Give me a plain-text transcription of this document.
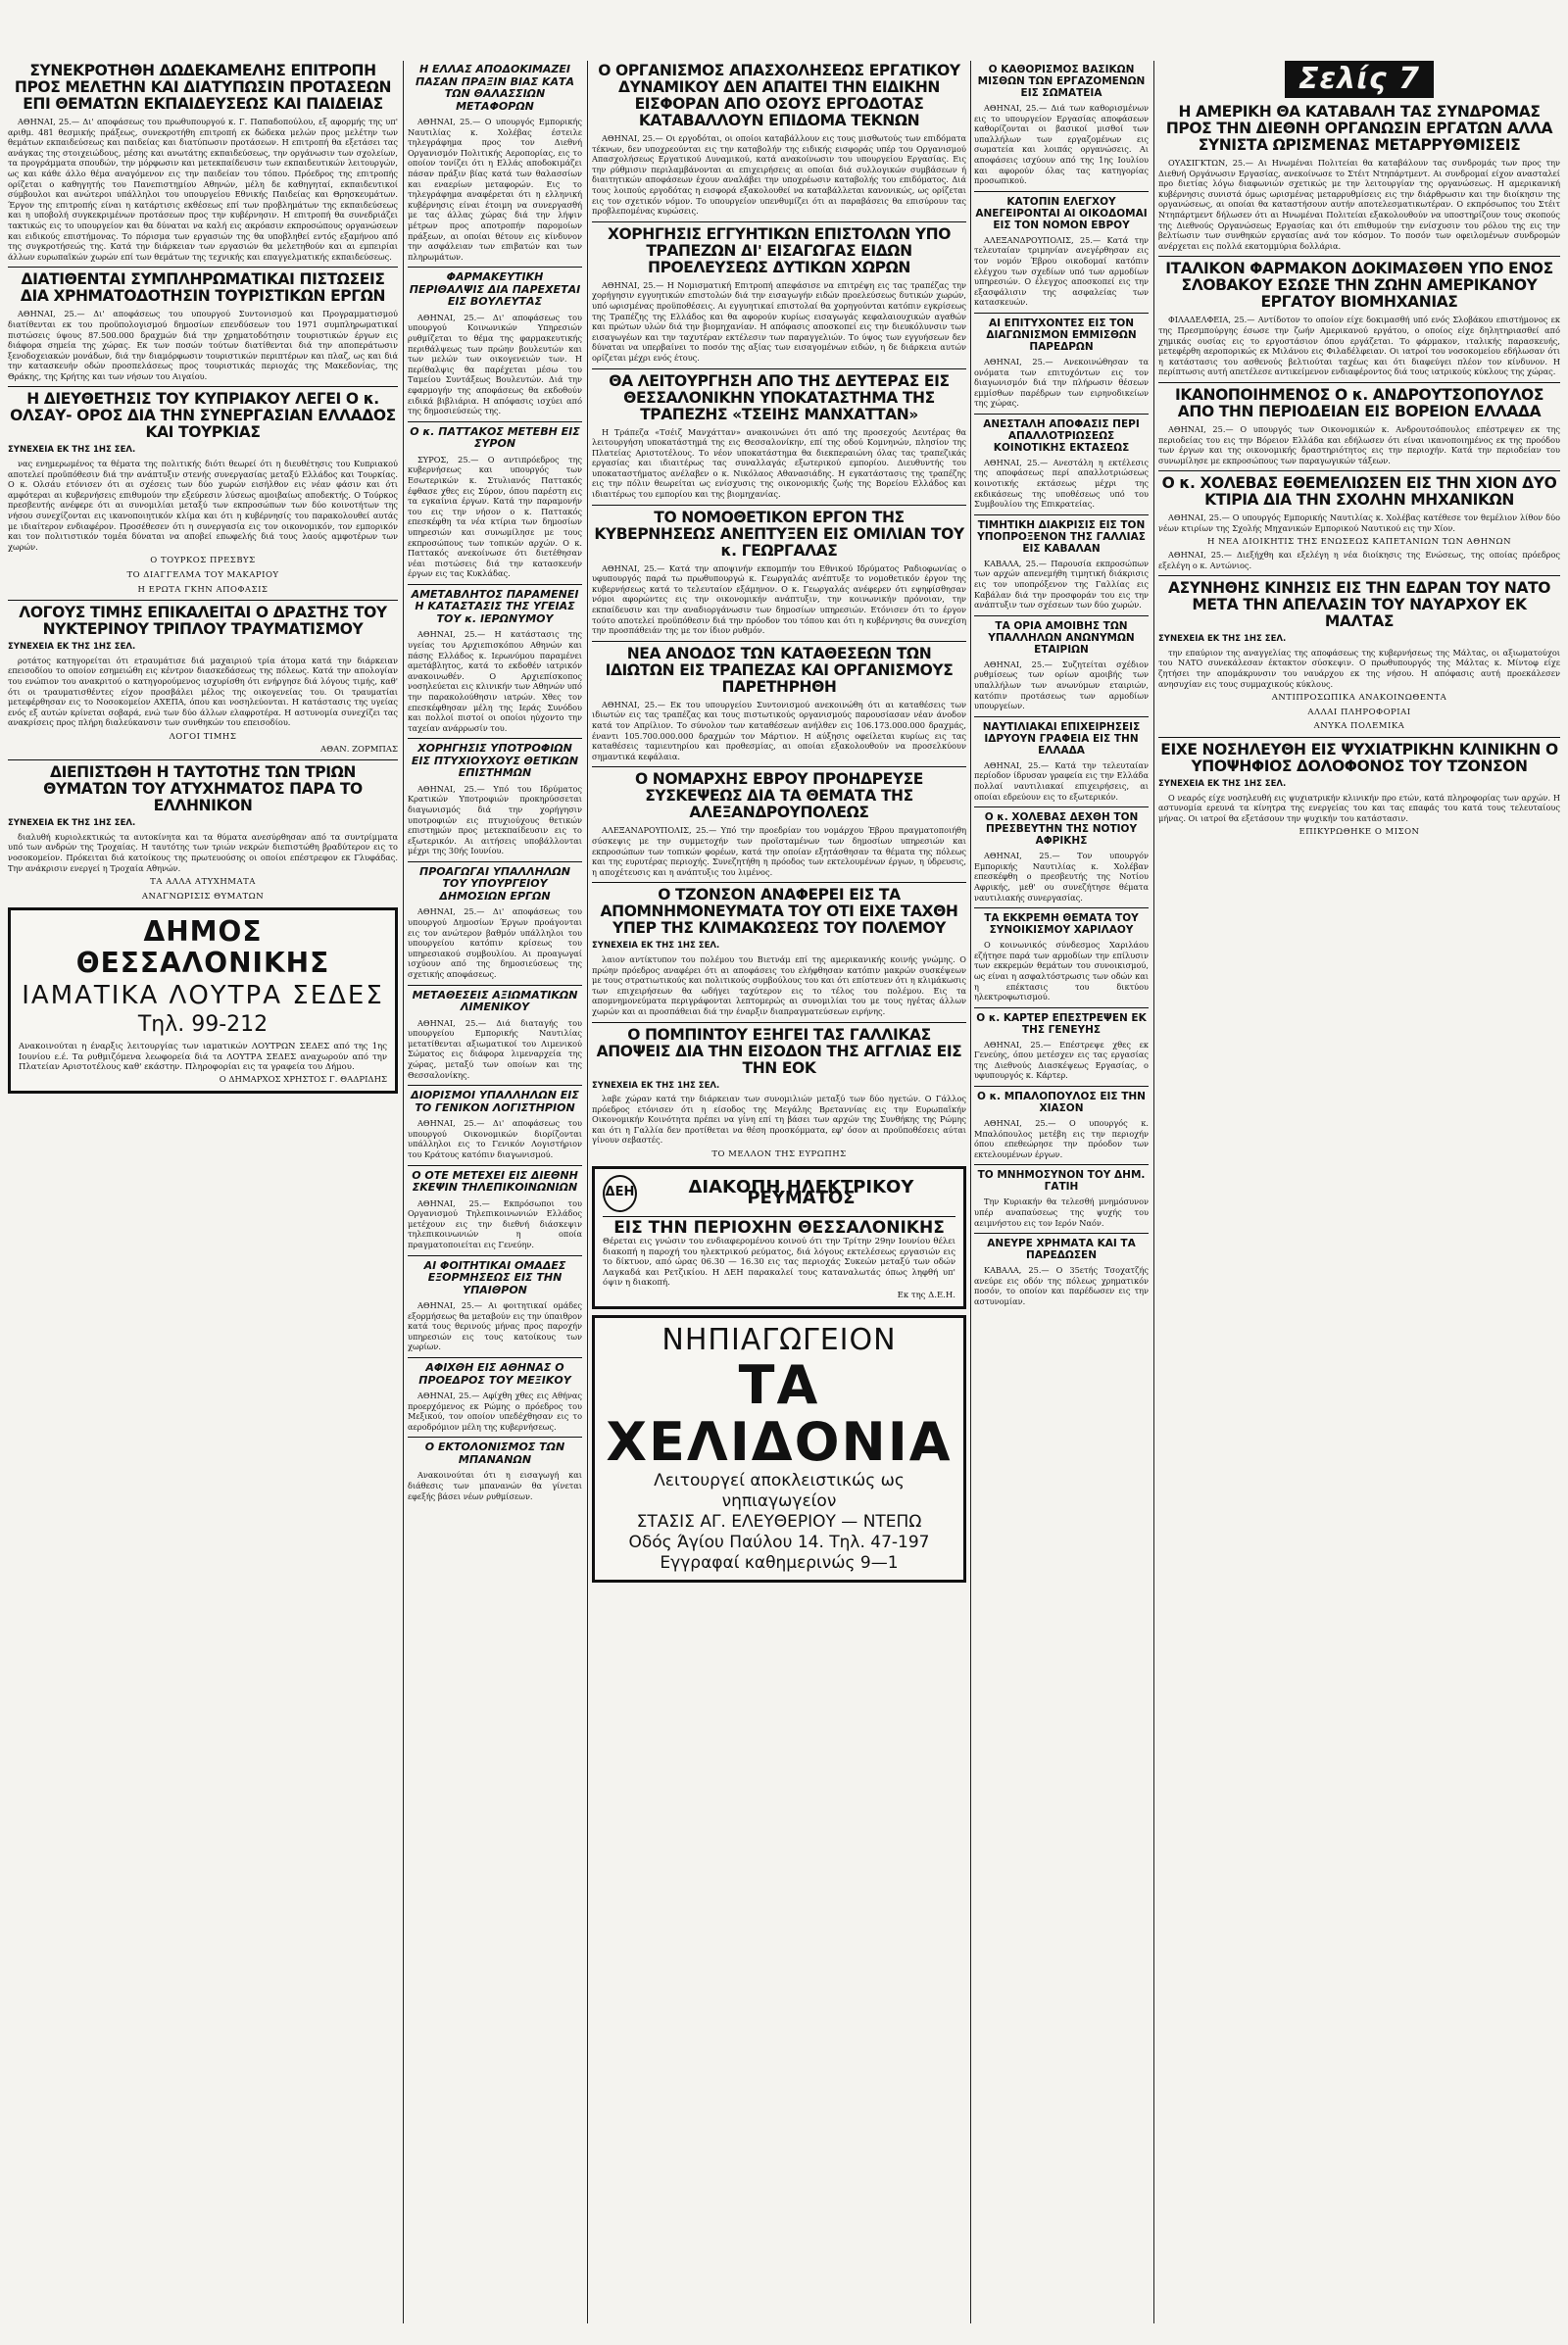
ΣΥΝΕΚΡΟΤΗΘΗ ΔΩΔΕΚΑΜΕΛΗΣ ΕΠΙΤΡΟΠΗ ΠΡΟΣ ΜΕΛΕΤΗΝ ΚΑΙ ΔΙΑΤΥΠΩΣΙΝ ΠΡΟΤΑΣΕΩΝ ΕΠΙ ΘΕΜΑΤΩΝ ΕΚΠΑΙΔΕΥΣΕΩΣ ΚΑΙ ΠΑΙΔΕΙΑΣ

ΑΘΗΝΑΙ, 25.— Δι' αποφάσεως του πρωθυπουργού κ. Γ. Παπαδοπούλου, εξ αφορμής της υπ' αριθμ. 481 θεσμικής πράξεως, συνεκροτήθη επιτροπή εκ δώδεκα μελών προς μελέτην των θεμάτων εκπαιδεύσεως και παιδείας και διατύπωσιν προτάσεων. Η επιτροπή θα εξετάσει τας ανάγκας της στοιχειώδους, μέσης και ανωτάτης εκπαιδεύσεως, την οργάνωσιν των σχολείων, τα προγράμματα σπουδών, την μόρφωσιν και μετεκπαίδευσιν των εκπαιδευτικών λειτουργών, ως και κάθε άλλο θέμα αναγόμενον εις την παιδείαν του τόπου. Πρόεδρος της επιτροπής ορίζεται ο καθηγητής του Πανεπιστημίου Αθηνών, μέλη δε καθηγηταί, εκπαιδευτικοί σύμβουλοι και ανώτεροι υπάλληλοι του υπουργείου Εθνικής Παιδείας και Θρησκευμάτων. Έργον της επιτροπής είναι η κατάρτισις εκθέσεως επί των προβλημάτων της εκπαιδεύσεως και η υποβολή συγκεκριμένων προτάσεων προς την κυβέρνησιν. Η επιτροπή θα συνεδριάζει τακτικώς εις το υπουργείον και θα δύναται να καλή εις ακρόασιν εκπροσώπους οργανώσεων και ειδικούς επιστήμονας. Το πόρισμα των εργασιών της θα υποβληθεί εντός εξαμήνου από της συγκροτήσεώς της. Κατά την διάρκειαν των εργασιών θα μελετηθούν και αι εμπειρίαι άλλων ευρωπαϊκών χωρών επί των θεμάτων της τεχνικής και επαγγελματικής εκπαιδεύσεως.

ΔΙΑΤΙΘΕΝΤΑΙ ΣΥΜΠΛΗΡΩΜΑΤΙΚΑΙ ΠΙΣΤΩΣΕΙΣ ΔΙΑ ΧΡΗΜΑΤΟΔΟΤΗΣΙΝ ΤΟΥΡΙΣΤΙΚΩΝ ΕΡΓΩΝ

ΑΘΗΝΑΙ, 25.— Δι' αποφάσεως του υπουργού Συντονισμού και Προγραμματισμού διατίθενται εκ του προϋπολογισμού δημοσίων επενδύσεων του 1971 συμπληρωματικαί πιστώσεις ύψους 87.500.000 δραχμών διά την χρηματοδότησιν τουριστικών έργων εις διάφορα σημεία της χώρας. Εκ των ποσών τούτων διατίθενται διά την αποπεράτωσιν ξενοδοχειακών μονάδων, διά την διαμόρφωσιν τουριστικών περιπτέρων και πλαζ, ως και διά την κατασκευήν οδών προσπελάσεως προς τουριστικάς περιοχάς της Μακεδονίας, της Θράκης, της Κρήτης και των νήσων του Αιγαίου.

Η ΔΙΕΥΘΕΤΗΣΙΣ ΤΟΥ ΚΥΠΡΙΑΚΟΥ ΛΕΓΕΙ Ο κ. ΟΛΣΑΥ- ΟΡΟΣ ΔΙΑ ΤΗΝ ΣΥΝΕΡΓΑΣΙΑΝ ΕΛΛΑΔΟΣ ΚΑΙ ΤΟΥΡΚΙΑΣ
ΣΥΝΕΧΕΙΑ ΕΚ ΤΗΣ 1ΗΣ ΣΕΛ.

νας ενημερωμένος τα θέματα της πολιτικής διότι θεωρεί ότι η διευθέτησις του Κυπριακού αποτελεί προϋπόθεσιν διά την ανάπτυξιν στενής συνεργασίας μεταξύ Ελλάδος και Τουρκίας. Ο κ. Ολσάυ ετόνισεν ότι αι σχέσεις των δύο χωρών εισήλθον εις νέαν φάσιν και ότι αμφότεραι αι κυβερνήσεις επιθυμούν την εξεύρεσιν λύσεως αμοιβαίως αποδεκτής. Ο Τούρκος πρεσβευτής ανέφερε ότι αι συνομιλίαι μεταξύ των εκπροσώπων των δύο κοινοτήτων της νήσου συνεχίζονται εις ικανοποιητικόν κλίμα και ότι η κυβέρνησίς του παρακολουθεί αυτάς με ιδιαίτερον ενδιαφέρον. Προσέθεσεν ότι η συνεργασία εις τον οικονομικόν, τον εμπορικόν και τον πολιτιστικόν τομέα δύναται να αποβεί επωφελής διά τους λαούς αμφοτέρων των χωρών.

Ο ΤΟΥΡΚΟΣ ΠΡΕΣΒΥΣ
ΤΟ ΔΙΑΓΓΕΛΜΑ ΤΟΥ ΜΑΚΑΡΙΟΥ
Η ΕΡΩΤΑ ΓΚΗΝ ΑΠΟΦΑΣΙΣ
ΛΟΓΟΥΣ ΤΙΜΗΣ ΕΠΙΚΑΛΕΙΤΑΙ Ο ΔΡΑΣΤΗΣ ΤΟΥ ΝΥΚΤΕΡΙΝΟΥ ΤΡΙΠΛΟΥ ΤΡΑΥΜΑΤΙΣΜΟΥ
ΣΥΝΕΧΕΙΑ ΕΚ ΤΗΣ 1ΗΣ ΣΕΛ.

ροτάτος κατηγορείται ότι ετραυμάτισε διά μαχαιριού τρία άτομα κατά την διάρκειαν επεισοδίου το οποίον εσημειώθη εις κέντρον διασκεδάσεως της πόλεως. Κατά την απολογίαν του ενώπιον του ανακριτού ο κατηγορούμενος ισχυρίσθη ότι ενήργησε διά λόγους τιμής, καθ' ότι οι τραυματισθέντες είχον προσβάλει μέλος της οικογενείας του. Οι τραυματίαι μετεφέρθησαν εις το Νοσοκομείον ΑΧΕΠΑ, όπου και νοσηλεύονται. Η κατάστασις της υγείας ενός εξ αυτών κρίνεται σοβαρά, ενώ των δύο άλλων ελαφροτέρα. Η αστυνομία συνεχίζει τας ανακρίσεις προς πλήρη διαλεύκανσιν των συνθηκών του επεισοδίου.

ΛΟΓΟΙ ΤΙΜΗΣ
ΑΘΑΝ. ΖΟΡΜΠΑΣ
ΔΙΕΠΙΣΤΩΘΗ Η ΤΑΥΤΟΤΗΣ ΤΩΝ ΤΡΙΩΝ ΘΥΜΑΤΩΝ ΤΟΥ ΑΤΥΧΗΜΑΤΟΣ ΠΑΡΑ ΤΟ ΕΛΛΗΝΙΚΟΝ
ΣΥΝΕΧΕΙΑ ΕΚ ΤΗΣ 1ΗΣ ΣΕΛ.

διαλυθή κυριολεκτικώς τα αυτοκίνητα και τα θύματα ανεσύρθησαν από τα συντρίμματα υπό των ανδρών της Τροχαίας. Η ταυτότης των τριών νεκρών διεπιστώθη βραδύτερον εις το νοσοκομείον. Πρόκειται διά κατοίκους της πρωτευούσης οι οποίοι επέστρεφον εκ Γλυφάδας. Την ανάκρισιν ενεργεί η Τροχαία Αθηνών.

ΤΑ ΑΛΛΑ ΑΤΥΧΗΜΑΤΑ
ΑΝΑΓΝΩΡΙΣΙΣ ΘΥΜΑΤΩΝ
ΔΗΜΟΣ ΘΕΣΣΑΛΟΝΙΚΗΣ
ΙΑΜΑΤΙΚΑ ΛΟΥΤΡΑ ΣΕΔΕΣ
Τηλ. 99-212
Ανακοινούται η έναρξις λειτουργίας των ιαματικών ΛΟΥΤΡΩΝ ΣΕΔΕΣ από της 1ης Ιουνίου ε.έ. Τα ρυθμιζόμενα λεωφορεία διά τα ΛΟΥΤΡΑ ΣΕΔΕΣ αναχωρούν από την Πλατείαν Αριστοτέλους καθ' εκάστην. Πληροφορίαι εις τα γραφεία του Δήμου.
Ο ΔΗΜΑΡΧΟΣ ΧΡΗΣΤΟΣ Γ. ΘΑΔΡΙΔΗΣ
Η ΕΛΛΑΣ ΑΠΟΔΟΚΙΜΑΖΕΙ ΠΑΣΑΝ ΠΡΑΞΙΝ ΒΙΑΣ ΚΑΤΑ ΤΩΝ ΘΑΛΑΣΣΙΩΝ ΜΕΤΑΦΟΡΩΝ

ΑΘΗΝΑΙ, 25.— Ο υπουργός Εμπορικής Ναυτιλίας κ. Χολέβας έστειλε τηλεγράφημα προς τον Διεθνή Οργανισμόν Πολιτικής Αεροπορίας, εις το οποίον τονίζει ότι η Ελλάς αποδοκιμάζει πάσαν πράξιν βίας κατά των θαλασσίων και εναερίων μεταφορών. Εις το τηλεγράφημα αναφέρεται ότι η ελληνική κυβέρνησις είναι έτοιμη να συνεργασθή με τας άλλας χώρας διά την λήψιν μέτρων προς αποτροπήν παρομοίων πράξεων, αι οποίαι θέτουν εις κίνδυνον την ασφάλειαν των επιβατών και των πληρωμάτων.

ΦΑΡΜΑΚΕΥΤΙΚΗ ΠΕΡΙΘΑΛΨΙΣ ΔΙΑ ΠΑΡΕΧΕΤΑΙ ΕΙΣ ΒΟΥΛΕΥΤΑΣ

ΑΘΗΝΑΙ, 25.— Δι' αποφάσεως του υπουργού Κοινωνικών Υπηρεσιών ρυθμίζεται το θέμα της φαρμακευτικής περιθάλψεως των πρώην βουλευτών και των μελών των οικογενειών των. Η περίθαλψις θα παρέχεται μέσω του Ταμείου Συντάξεως Βουλευτών. Διά την εφαρμογήν της αποφάσεως θα εκδοθούν ειδικά βιβλιάρια. Η απόφασις ισχύει από της δημοσιεύσεώς της.

Ο κ. ΠΑΤΤΑΚΟΣ ΜΕΤΕΒΗ ΕΙΣ ΣΥΡΟΝ

ΣΥΡΟΣ, 25.— Ο αντιπρόεδρος της κυβερνήσεως και υπουργός των Εσωτερικών κ. Στυλιανός Παττακός έφθασε χθες εις Σύρον, όπου παρέστη εις τα εγκαίνια έργων. Κατά την παραμονήν του εις την νήσον ο κ. Παττακός επεσκέφθη τα νέα κτίρια των δημοσίων υπηρεσιών και συνωμίλησε με τους εκπροσώπους των τοπικών αρχών. Ο κ. Παττακός ανεκοίνωσε ότι διετέθησαν νέαι πιστώσεις διά την κατασκευήν έργων εις τας Κυκλάδας.

ΑΜΕΤΑΒΛΗΤΟΣ ΠΑΡΑΜΕΝΕΙ Η ΚΑΤΑΣΤΑΣΙΣ ΤΗΣ ΥΓΕΙΑΣ ΤΟΥ κ. ΙΕΡΩΝΥΜΟΥ

ΑΘΗΝΑΙ, 25.— Η κατάστασις της υγείας του Αρχιεπισκόπου Αθηνών και πάσης Ελλάδος κ. Ιερωνύμου παραμένει αμετάβλητος, κατά το εκδοθέν ιατρικόν ανακοινωθέν. Ο Αρχιεπίσκοπος νοσηλεύεται εις κλινικήν των Αθηνών υπό την παρακολούθησιν ιατρών. Χθες τον επεσκέφθησαν μέλη της Ιεράς Συνόδου και πολλοί πιστοί οι οποίοι ηύχοντο την ταχείαν ανάρρωσίν του.

ΧΟΡΗΓΗΣΙΣ ΥΠΟΤΡΟΦΙΩΝ ΕΙΣ ΠΤΥΧΙΟΥΧΟΥΣ ΘΕΤΙΚΩΝ ΕΠΙΣΤΗΜΩΝ

ΑΘΗΝΑΙ, 25.— Υπό του Ιδρύματος Κρατικών Υποτροφιών προκηρύσσεται διαγωνισμός διά την χορήγησιν υποτροφιών εις πτυχιούχους θετικών επιστημών προς μετεκπαίδευσιν εις το εξωτερικόν. Αι αιτήσεις υποβάλλονται μέχρι της 30ής Ιουνίου.

ΠΡΟΑΓΩΓΑΙ ΥΠΑΛΛΗΛΩΝ ΤΟΥ ΥΠΟΥΡΓΕΙΟΥ ΔΗΜΟΣΙΩΝ ΕΡΓΩΝ

ΑΘΗΝΑΙ, 25.— Δι' αποφάσεως του υπουργού Δημοσίων Έργων προάγονται εις τον ανώτερον βαθμόν υπάλληλοι του υπουργείου κατόπιν κρίσεως του υπηρεσιακού συμβουλίου. Αι προαγωγαί ισχύουν από της δημοσιεύσεως της σχετικής αποφάσεως.

ΜΕΤΑΘΕΣΕΙΣ ΑΞΙΩΜΑΤΙΚΩΝ ΛΙΜΕΝΙΚΟΥ

ΑΘΗΝΑΙ, 25.— Διά διαταγής του υπουργείου Εμπορικής Ναυτιλίας μετατίθενται αξιωματικοί του Λιμενικού Σώματος εις διάφορα λιμεναρχεία της χώρας, μεταξύ των οποίων και της Θεσσαλονίκης.

ΔΙΟΡΙΣΜΟΙ ΥΠΑΛΛΗΛΩΝ ΕΙΣ ΤΟ ΓΕΝΙΚΟΝ ΛΟΓΙΣΤΗΡΙΟΝ

ΑΘΗΝΑΙ, 25.— Δι' αποφάσεως του υπουργού Οικονομικών διορίζονται υπάλληλοι εις το Γενικόν Λογιστήριον του Κράτους κατόπιν διαγωνισμού.

Ο ΟΤΕ ΜΕΤΕΧΕΙ ΕΙΣ ΔΙΕΘΝΗ ΣΚΕΨΙΝ ΤΗΛΕΠΙΚΟΙΝΩΝΙΩΝ

ΑΘΗΝΑΙ, 25.— Εκπρόσωποι του Οργανισμού Τηλεπικοινωνιών Ελλάδος μετέχουν εις την διεθνή διάσκεψιν τηλεπικοινωνιών η οποία πραγματοποιείται εις Γενεύην.

ΑΙ ΦΟΙΤΗΤΙΚΑΙ ΟΜΑΔΕΣ ΕΞΟΡΜΗΣΕΩΣ ΕΙΣ ΤΗΝ ΥΠΑΙΘΡΟΝ

ΑΘΗΝΑΙ, 25.— Αι φοιτητικαί ομάδες εξορμήσεως θα μεταβούν εις την ύπαιθρον κατά τους θερινούς μήνας προς παροχήν υπηρεσιών εις τους κατοίκους των χωρίων.

ΑΦΙΧΘΗ ΕΙΣ ΑΘΗΝΑΣ Ο ΠΡΟΕΔΡΟΣ ΤΟΥ ΜΕΞΙΚΟΥ

ΑΘΗΝΑΙ, 25.— Αφίχθη χθες εις Αθήνας προερχόμενος εκ Ρώμης ο πρόεδρος του Μεξικού, τον οποίον υπεδέχθησαν εις το αεροδρόμιον μέλη της κυβερνήσεως.

Ο ΕΚΤΟΛΟΝΙΣΜΟΣ ΤΩΝ ΜΠΑΝΑΝΩΝ

Ανακοινούται ότι η εισαγωγή και διάθεσις των μπανανών θα γίνεται εφεξής βάσει νέων ρυθμίσεων.

Ο ΟΡΓΑΝΙΣΜΟΣ ΑΠΑΣΧΟΛΗΣΕΩΣ ΕΡΓΑΤΙΚΟΥ ΔΥΝΑΜΙΚΟΥ ΔΕΝ ΑΠΑΙΤΕΙ ΤΗΝ ΕΙΔΙΚΗΝ ΕΙΣΦΟΡΑΝ ΑΠΟ ΟΣΟΥΣ ΕΡΓΟΔΟΤΑΣ ΚΑΤΑΒΑΛΛΟΥΝ ΕΠΙΔΟΜΑ ΤΕΚΝΩΝ

ΑΘΗΝΑΙ, 25.— Οι εργοδόται, οι οποίοι καταβάλλουν εις τους μισθωτούς των επιδόματα τέκνων, δεν υποχρεούνται εις την καταβολήν της ειδικής εισφοράς υπέρ του Οργανισμού Απασχολήσεως Εργατικού Δυναμικού, κατά ανακοίνωσιν του υπουργείου Εργασίας. Εις την ρύθμισιν περιλαμβάνονται αι επιχειρήσεις αι οποίαι διά συλλογικών συμβάσεων ή διαιτητικών αποφάσεων έχουν αναλάβει την υποχρέωσιν καταβολής του επιδόματος. Διά τους λοιπούς εργοδότας η εισφορά εξακολουθεί να καταβάλλεται κανονικώς, ως ορίζεται εις τον σχετικόν νόμον. Το υπουργείον υπενθυμίζει ότι αι παραβάσεις θα επισύρουν τας προβλεπομένας κυρώσεις.

ΧΟΡΗΓΗΣΙΣ ΕΓΓΥΗΤΙΚΩΝ ΕΠΙΣΤΟΛΩΝ ΥΠΟ ΤΡΑΠΕΖΩΝ ΔΙ' ΕΙΣΑΓΩΓΑΣ ΕΙΔΩΝ ΠΡΟΕΛΕΥΣΕΩΣ ΔΥΤΙΚΩΝ ΧΩΡΩΝ

ΑΘΗΝΑΙ, 25.— Η Νομισματική Επιτροπή απεφάσισε να επιτρέψη εις τας τραπέζας την χορήγησιν εγγυητικών επιστολών διά την εισαγωγήν ειδών προελεύσεως δυτικών χωρών, υπό ωρισμένας προϋποθέσεις. Αι εγγυητικαί επιστολαί θα χορηγούνται κατόπιν εγκρίσεως της Τραπέζης της Ελλάδος και θα αφορούν κυρίως εισαγωγάς κεφαλαιουχικών αγαθών και πρώτων υλών διά την βιομηχανίαν. Η απόφασις αποσκοπεί εις την διευκόλυνσιν των εισαγωγέων και την ταχυτέραν εκτέλεσιν των παραγγελιών. Το ύψος των εγγυήσεων δεν δύναται να υπερβαίνει το ποσόν της αξίας των εισαγομένων ειδών, η δε διάρκεια αυτών ορίζεται μέχρι ενός έτους.

ΘΑ ΛΕΙΤΟΥΡΓΗΣΗ ΑΠΟ ΤΗΣ ΔΕΥΤΕΡΑΣ ΕΙΣ ΘΕΣΣΑΛΟΝΙΚΗΝ ΥΠΟΚΑΤΑΣΤΗΜΑ ΤΗΣ ΤΡΑΠΕΖΗΣ «ΤΣΕΙΗΣ ΜΑΝΧΑΤΤΑΝ»

Η Τράπεζα «Τσέιζ Μανχάτταν» ανακοινώνει ότι από της προσεχούς Δευτέρας θα λειτουργήση υποκατάστημά της εις Θεσσαλονίκην, επί της οδού Κομνηνών, πλησίον της Πλατείας Αριστοτέλους. Το νέον υποκατάστημα θα διεκπεραιώνη όλας τας τραπεζικάς εργασίας και ιδιαιτέρως τας συναλλαγάς εξωτερικού εμπορίου. Διευθυντής του υποκαταστήματος ανέλαβεν ο κ. Νικόλαος Αθανασιάδης. Η εγκατάστασις της τραπέζης εις την πόλιν θεωρείται ως ενίσχυσις της οικονομικής ζωής της Βορείου Ελλάδος και ιδιαιτέρως του εμπορίου και της βιομηχανίας.

ΤΟ ΝΟΜΟΘΕΤΙΚΟΝ ΕΡΓΟΝ ΤΗΣ ΚΥΒΕΡΝΗΣΕΩΣ ΑΝΕΠΤΥΞΕΝ ΕΙΣ ΟΜΙΛΙΑΝ ΤΟΥ κ. ΓΕΩΡΓΑΛΑΣ

ΑΘΗΝΑΙ, 25.— Κατά την αποψινήν εκπομπήν του Εθνικού Ιδρύματος Ραδιοφωνίας ο υφυπουργός παρά τω πρωθυπουργώ κ. Γεωργαλάς ανέπτυξε το νομοθετικόν έργον της κυβερνήσεως κατά το τελευταίον εξάμηνον. Ο κ. Γεωργαλάς ανέφερεν ότι εψηφίσθησαν νόμοι αφορώντες εις την οικονομικήν ανάπτυξιν, την κοινωνικήν πρόνοιαν, την εκπαίδευσιν και την αναδιοργάνωσιν των δημοσίων υπηρεσιών. Ετόνισεν ότι το έργον τούτο αποτελεί προϋπόθεσιν διά την πρόοδον του τόπου και ότι η κυβέρνησις θα συνεχίση την προσπάθειάν της με τον ίδιον ρυθμόν.

ΝΕΑ ΑΝΟΔΟΣ ΤΩΝ ΚΑΤΑΘΕΣΕΩΝ ΤΩΝ ΙΔΙΩΤΩΝ ΕΙΣ ΤΡΑΠΕΖΑΣ ΚΑΙ ΟΡΓΑΝΙΣΜΟΥΣ ΠΑΡΕΤΗΡΗΘΗ

ΑΘΗΝΑΙ, 25.— Εκ του υπουργείου Συντονισμού ανεκοινώθη ότι αι καταθέσεις των ιδιωτών εις τας τραπέζας και τους πιστωτικούς οργανισμούς παρουσίασαν νέαν άνοδον κατά τον Απρίλιον. Το σύνολον των καταθέσεων ανήλθεν εις 106.173.000.000 δραχμάς, έναντι 105.700.000.000 δραχμών τον Μάρτιον. Η αύξησις οφείλεται κυρίως εις τας καταθέσεις ταμιευτηρίου και προθεσμίας, αι οποίαι εξακολουθούν να προσελκύουν σημαντικά κεφάλαια.

Ο ΝΟΜΑΡΧΗΣ ΕΒΡΟΥ ΠΡΟΗΔΡΕΥΣΕ ΣΥΣΚΕΨΕΩΣ ΔΙΑ ΤΑ ΘΕΜΑΤΑ ΤΗΣ ΑΛΕΞΑΝΔΡΟΥΠΟΛΕΩΣ

ΑΛΕΞΑΝΔΡΟΥΠΟΛΙΣ, 25.— Υπό την προεδρίαν του νομάρχου Έβρου πραγματοποιήθη σύσκεψις με την συμμετοχήν των προϊσταμένων των δημοσίων υπηρεσιών και εκπροσώπων των τοπικών φορέων, κατά την οποίαν εξητάσθησαν τα θέματα της πόλεως και της ευρυτέρας περιοχής. Συνεζητήθη η πρόοδος των εκτελουμένων έργων, η ύδρευσις, η αποχέτευσις και η ανάπτυξις του λιμένος.

Ο ΤΖΟΝΣΟΝ ΑΝΑΦΕΡΕΙ ΕΙΣ ΤΑ ΑΠΟΜΝΗΜΟΝΕΥΜΑΤΑ ΤΟΥ ΟΤΙ ΕΙΧΕ ΤΑΧΘΗ ΥΠΕΡ ΤΗΣ ΚΛΙΜΑΚΩΣΕΩΣ ΤΟΥ ΠΟΛΕΜΟΥ
ΣΥΝΕΧΕΙΑ ΕΚ ΤΗΣ 1ΗΣ ΣΕΛ.

λαιον αντίκτυπον του πολέμου του Βιετνάμ επί της αμερικανικής κοινής γνώμης. Ο πρώην πρόεδρος αναφέρει ότι αι αποφάσεις του ελήφθησαν κατόπιν μακρών συσκέψεων με τους στρατιωτικούς και πολιτικούς συμβούλους του και ότι επίστευεν ότι η κλιμάκωσις των επιχειρήσεων θα ωδήγει ταχύτερον εις το τέλος του πολέμου. Εις τα απομνημονεύματα περιγράφονται λεπτομερώς αι συνομιλίαι του με τους ηγέτας άλλων χωρών και αι προσπάθειαι διά την έναρξιν διαπραγματεύσεων ειρήνης.

Ο ΠΟΜΠΙΝΤΟΥ ΕΞΗΓΕΙ ΤΑΣ ΓΑΛΛΙΚΑΣ ΑΠΟΨΕΙΣ ΔΙΑ ΤΗΝ ΕΙΣΟΔΟΝ ΤΗΣ ΑΓΓΛΙΑΣ ΕΙΣ ΤΗΝ ΕΟΚ
ΣΥΝΕΧΕΙΑ ΕΚ ΤΗΣ 1ΗΣ ΣΕΛ.

λαβε χώραν κατά την διάρκειαν των συνομιλιών μεταξύ των δύο ηγετών. Ο Γάλλος πρόεδρος ετόνισεν ότι η είσοδος της Μεγάλης Βρεταννίας εις την Ευρωπαϊκήν Οικονομικήν Κοινότητα πρέπει να γίνη επί τη βάσει των αρχών της Συνθήκης της Ρώμης και ότι η Γαλλία δεν προτίθεται να θέση προσκόμματα, εφ' όσον αι προϋποθέσεις αύται γίνουν σεβαστές.

ΤΟ ΜΕΛΛΟΝ ΤΗΣ ΕΥΡΩΠΗΣ
ΔΕΗ	ΔΙΑΚΟΠΗ ΗΛΕΚΤΡΙΚΟΥ ΡΕΥΜΑΤΟΣ
ΕΙΣ ΤΗΝ ΠΕΡΙΟΧΗΝ ΘΕΣΣΑΛΟΝΙΚΗΣ
Θέρεται εις γνώσιν του ενδιαφερομένου κοινού ότι την Τρίτην 29ην Ιουνίου θέλει διακοπή η παροχή του ηλεκτρικού ρεύματος, διά λόγους εκτελέσεως εργασιών εις το δίκτυον, από ώρας 06.30 — 16.30 εις τας περιοχάς Συκεών μεταξύ των οδών Λαγκαδά και Ρετζικίου. Η ΔΕΗ παρακαλεί τους καταναλωτάς όπως ληφθή υπ' όψιν η διακοπή.
Εκ της Δ.Ε.Η.
ΝΗΠΙΑΓΩΓΕΙΟΝ
ΤΑ ΧΕΛΙΔΟΝΙΑ
Λειτουργεί αποκλειστικώς ως νηπιαγωγείον
ΣΤΑΣΙΣ ΑΓ. ΕΛΕΥΘΕΡΙΟΥ — ΝΤΕΠΩ
Οδός Άγίου Παύλου 14. Τηλ. 47-197
Εγγραφαί καθημερινώς 9—1
Ο ΚΑΘΟΡΙΣΜΟΣ ΒΑΣΙΚΩΝ ΜΙΣΘΩΝ ΤΩΝ ΕΡΓΑΖΟΜΕΝΩΝ ΕΙΣ ΣΩΜΑΤΕΙΑ

ΑΘΗΝΑΙ, 25.— Διά των καθορισμένων εις το υπουργείον Εργασίας αποφάσεων καθορίζονται οι βασικοί μισθοί των υπαλλήλων των εργαζομένων εις σωματεία και λοιπάς οργανώσεις. Αι αποφάσεις ισχύουν από της 1ης Ιουλίου και αφορούν όλας τας κατηγορίας προσωπικού.

ΚΑΤΟΠΙΝ ΕΛΕΓΧΟΥ ΑΝΕΓΕΙΡΟΝΤΑΙ ΑΙ ΟΙΚΟΔΟΜΑΙ ΕΙΣ ΤΟΝ ΝΟΜΟΝ ΕΒΡΟΥ

ΑΛΕΞΑΝΔΡΟΥΠΟΛΙΣ, 25.— Κατά την τελευταίαν τριμηνίαν ανεγέρθησαν εις τον νομόν Έβρου οικοδομαί κατόπιν ελέγχου των σχεδίων υπό των αρμοδίων υπηρεσιών. Ο έλεγχος αποσκοπεί εις την εξασφάλισιν της ασφαλείας των κατασκευών.

ΑΙ ΕΠΙΤΥΧΟΝΤΕΣ ΕΙΣ ΤΟΝ ΔΙΑΓΩΝΙΣΜΟΝ ΕΜΜΙΣΘΩΝ ΠΑΡΕΔΡΩΝ

ΑΘΗΝΑΙ, 25.— Ανεκοινώθησαν τα ονόματα των επιτυχόντων εις τον διαγωνισμόν διά την πλήρωσιν θέσεων εμμίσθων παρέδρων των ειρηνοδικείων της χώρας.

ΑΝΕΣΤΑΛΗ ΑΠΟΦΑΣΙΣ ΠΕΡΙ ΑΠΑΛΛΟΤΡΙΩΣΕΩΣ ΚΟΙΝΟΤΙΚΗΣ ΕΚΤΑΣΕΩΣ

ΑΘΗΝΑΙ, 25.— Ανεστάλη η εκτέλεσις της αποφάσεως περί απαλλοτριώσεως κοινοτικής εκτάσεως μέχρι της εκδικάσεως της υποθέσεως υπό του Συμβουλίου της Επικρατείας.

ΤΙΜΗΤΙΚΗ ΔΙΑΚΡΙΣΙΣ ΕΙΣ ΤΟΝ ΥΠΟΠΡΟΞΕΝΟΝ ΤΗΣ ΓΑΛΛΙΑΣ ΕΙΣ ΚΑΒΑΛΑΝ

ΚΑΒΑΛΑ, 25.— Παρουσία εκπροσώπων των αρχών απενεμήθη τιμητική διάκρισις εις τον υποπρόξενον της Γαλλίας εις Καβάλαν διά την προσφοράν του εις την ανάπτυξιν των σχέσεων των δύο χωρών.

ΤΑ ΟΡΙΑ ΑΜΟΙΒΗΣ ΤΩΝ ΥΠΑΛΛΗΛΩΝ ΑΝΩΝΥΜΩΝ ΕΤΑΙΡΙΩΝ

ΑΘΗΝΑΙ, 25.— Συζητείται σχέδιον ρυθμίσεως των ορίων αμοιβής των υπαλλήλων των ανωνύμων εταιριών, κατόπιν προτάσεως των αρμοδίων υπουργείων.

ΝΑΥΤΙΛΙΑΚΑΙ ΕΠΙΧΕΙΡΗΣΕΙΣ ΙΔΡΥΟΥΝ ΓΡΑΦΕΙΑ ΕΙΣ ΤΗΝ ΕΛΛΑΔΑ

ΑΘΗΝΑΙ, 25.— Κατά την τελευταίαν περίοδον ίδρυσαν γραφεία εις την Ελλάδα πολλαί ναυτιλιακαί επιχειρήσεις, αι οποίαι εδρεύουν εις το εξωτερικόν.

Ο κ. ΧΟΛΕΒΑΣ ΔΕΧΘΗ ΤΟΝ ΠΡΕΣΒΕΥΤΗΝ ΤΗΣ ΝΟΤΙΟΥ ΑΦΡΙΚΗΣ

ΑΘΗΝΑΙ, 25.— Τον υπουργόν Εμπορικής Ναυτιλίας κ. Χολέβαν επεσκέφθη ο πρεσβευτής της Νοτίου Αφρικής, μεθ' ου συνεζήτησε θέματα ναυτιλιακής συνεργασίας.

ΤΑ ΕΚΚΡΕΜΗ ΘΕΜΑΤΑ ΤΟΥ ΣΥΝΟΙΚΙΣΜΟΥ ΧΑΡΙΛΑΟΥ

Ο κοινωνικός σύνδεσμος Χαριλάου εζήτησε παρά των αρμοδίων την επίλυσιν των εκκρεμών θεμάτων του συνοικισμού, ως είναι η ασφαλτόστρωσις των οδών και η επέκτασις του δικτύου ηλεκτροφωτισμού.

Ο κ. ΚΑΡΤΕΡ ΕΠΕΣΤΡΕΨΕΝ ΕΚ ΤΗΣ ΓΕΝΕΥΗΣ

ΑΘΗΝΑΙ, 25.— Επέστρεψε χθες εκ Γενεύης, όπου μετέσχεν εις τας εργασίας της Διεθνούς Διασκέψεως Εργασίας, ο υφυπουργός κ. Κάρτερ.

Ο κ. ΜΠΑΛΟΠΟΥΛΟΣ ΕΙΣ ΤΗΝ ΧΙΑΣΟΝ

ΑΘΗΝΑΙ, 25.— Ο υπουργός κ. Μπαλόπουλος μετέβη εις την περιοχήν όπου επεθεώρησε την πρόοδον των εκτελουμένων έργων.

ΤΟ ΜΝΗΜΟΣΥΝΟΝ ΤΟΥ ΔΗΜ. ΓΑΤΙΗ

Την Κυριακήν θα τελεσθή μνημόσυνον υπέρ αναπαύσεως της ψυχής του αειμνήστου εις τον Ιερόν Ναόν.

ΑΝΕΥΡΕ ΧΡΗΜΑΤΑ ΚΑΙ ΤΑ ΠΑΡΕΔΩΣΕΝ

ΚΑΒΑΛΑ, 25.— Ο 35ετής Τσοχατζής ανεύρε εις οδόν της πόλεως χρηματικόν ποσόν, το οποίον και παρέδωσεν εις την αστυνομίαν.

Σελίς 7
Η ΑΜΕΡΙΚΗ ΘΑ ΚΑΤΑΒΑΛΗ ΤΑΣ ΣΥΝΔΡΟΜΑΣ ΠΡΟΣ ΤΗΝ ΔΙΕΘΝΗ ΟΡΓΑΝΩΣΙΝ ΕΡΓΑΤΩΝ ΑΛΛΑ ΣΥΝΙΣΤΑ ΩΡΙΣΜΕΝΑΣ ΜΕΤΑΡΡΥΘΜΙΣΕΙΣ

ΟΥΑΣΙΓΚΤΩΝ, 25.— Αι Ηνωμέναι Πολιτείαι θα καταβάλουν τας συνδρομάς των προς την Διεθνή Οργάνωσιν Εργασίας, ανεκοίνωσε το Στέιτ Ντηπάρτμεντ. Αι συνδρομαί είχον ανασταλεί προ διετίας λόγω διαφωνιών σχετικώς με την λειτουργίαν της οργανώσεως. Η αμερικανική κυβέρνησις συνιστά όμως ωρισμένας μεταρρυθμίσεις εις την διάρθρωσιν και την διοίκησιν της οργανώσεως, αι οποίαι θα καταστήσουν αυτήν αποτελεσματικωτέραν. Ο εκπρόσωπος του Στέιτ Ντηπάρτμεντ δήλωσεν ότι αι Ηνωμέναι Πολιτείαι εξακολουθούν να υποστηρίζουν τους σκοπούς της Διεθνούς Οργανώσεως Εργασίας και ότι επιθυμούν την ενίσχυσιν του ρόλου της εις την βελτίωσιν των συνθηκών εργασίας ανά τον κόσμον. Το ποσόν των οφειλομένων συνδρομών ανέρχεται εις πολλά εκατομμύρια δολλάρια.

ΙΤΑΛΙΚΟΝ ΦΑΡΜΑΚΟΝ ΔΟΚΙΜΑΣΘΕΝ ΥΠΟ ΕΝΟΣ ΣΛΟΒΑΚΟΥ ΕΣΩΣΕ ΤΗΝ ΖΩΗΝ ΑΜΕΡΙΚΑΝΟΥ ΕΡΓΑΤΟΥ ΒΙΟΜΗΧΑΝΙΑΣ

ΦΙΛΑΔΕΛΦΕΙΑ, 25.— Αντίδοτον το οποίον είχε δοκιμασθή υπό ενός Σλοβάκου επιστήμονος εκ της Πρεσμπούργης έσωσε την ζωήν Αμερικανού εργάτου, ο οποίος είχε δηλητηριασθεί από χημικάς ουσίας εις το εργοστάσιον όπου εργάζεται. Το φάρμακον, ιταλικής παρασκευής, μετεφέρθη αεροπορικώς εκ Μιλάνου εις Φιλαδέλφειαν. Οι ιατροί του νοσοκομείου εδήλωσαν ότι η κατάστασις του ασθενούς βελτιούται ταχέως και ότι διαφεύγει πλέον τον κίνδυνον. Η περίπτωσις αυτή απετέλεσε αντικείμενον ενδιαφέροντος διά τους ιατρικούς κύκλους της χώρας.

ΙΚΑΝΟΠΟΙΗΜΕΝΟΣ Ο κ. ΑΝΔΡΟΥΤΣΟΠΟΥΛΟΣ ΑΠΟ ΤΗΝ ΠΕΡΙΟΔΕΙΑΝ ΕΙΣ ΒΟΡΕΙΟΝ ΕΛΛΑΔΑ

ΑΘΗΝΑΙ, 25.— Ο υπουργός των Οικονομικών κ. Ανδρουτσόπουλος επέστρεψεν εκ της περιοδείας του εις την Βόρειον Ελλάδα και εδήλωσεν ότι είναι ικανοποιημένος εκ της προόδου των έργων και της οικονομικής δραστηριότητος εις την περιοχήν. Κατά την περιοδείαν του συνωμίλησε με εκπροσώπους των παραγωγικών τάξεων.

Ο κ. ΧΟΛΕΒΑΣ ΕΘΕΜΕΛΙΩΣΕΝ ΕΙΣ ΤΗΝ ΧΙΟΝ ΔΥΟ ΚΤΙΡΙΑ ΔΙΑ ΤΗΝ ΣΧΟΛΗΝ ΜΗΧΑΝΙΚΩΝ

ΑΘΗΝΑΙ, 25.— Ο υπουργός Εμπορικής Ναυτιλίας κ. Χολέβας κατέθεσε τον θεμέλιον λίθον δύο νέων κτιρίων της Σχολής Μηχανικών Εμπορικού Ναυτικού εις την Χίον.

Η ΝΕΑ ΔΙΟΙΚΗΤΙΣ ΤΗΣ ΕΝΩΣΕΩΣ ΚΑΠΕΤΑΝΙΩΝ ΤΩΝ ΑΘΗΝΩΝ

ΑΘΗΝΑΙ, 25.— Διεξήχθη και εξελέγη η νέα διοίκησις της Ενώσεως, της οποίας πρόεδρος εξελέγη ο κ. Αντώνιος.

ΑΣΥΝΗΘΗΣ ΚΙΝΗΣΙΣ ΕΙΣ ΤΗΝ ΕΔΡΑΝ ΤΟΥ ΝΑΤΟ ΜΕΤΑ ΤΗΝ ΑΠΕΛΑΣΙΝ ΤΟΥ ΝΑΥΑΡΧΟΥ ΕΚ ΜΑΛΤΑΣ
ΣΥΝΕΧΕΙΑ ΕΚ ΤΗΣ 1ΗΣ ΣΕΛ.

την επαύριον της αναγγελίας της αποφάσεως της κυβερνήσεως της Μάλτας, οι αξιωματούχοι του ΝΑΤΟ συνεκάλεσαν έκτακτον σύσκεψιν. Ο πρωθυπουργός της Μάλτας κ. Μίντοφ είχε ζητήσει την απομάκρυνσιν του ναυάρχου εκ της νήσου. Η απόφασις αυτή προεκάλεσεν ανησυχίαν εις τους συμμαχικούς κύκλους.

ΑΝΤΙΠΡΟΣΩΠΙΚΑ ΑΝΑΚΟΙΝΩΘΕΝΤΑ
ΑΛΛΑΙ ΠΛΗΡΟΦΟΡΙΑΙ
ΑΝΥΚΑ ΠΟΛΕΜΙΚΑ
ΕΙΧΕ ΝΟΣΗΛΕΥΘΗ ΕΙΣ ΨΥΧΙΑΤΡΙΚΗΝ ΚΛΙΝΙΚΗΝ Ο ΥΠΟΨΗΦΙΟΣ ΔΟΛΟΦΟΝΟΣ ΤΟΥ ΤΖΟΝΣΟΝ
ΣΥΝΕΧΕΙΑ ΕΚ ΤΗΣ 1ΗΣ ΣΕΛ.

Ο νεαρός είχε νοσηλευθή εις ψυχιατρικήν κλινικήν προ ετών, κατά πληροφορίας των αρχών. Η αστυνομία ερευνά τα κίνητρα της ενεργείας του και τας επαφάς του κατά τους τελευταίους μήνας. Οι ιατροί θα εξετάσουν την ψυχικήν του κατάστασιν.

ΕΠΙΚΥΡΩΘΗΚΕ Ο ΜΙΣΟΝ
